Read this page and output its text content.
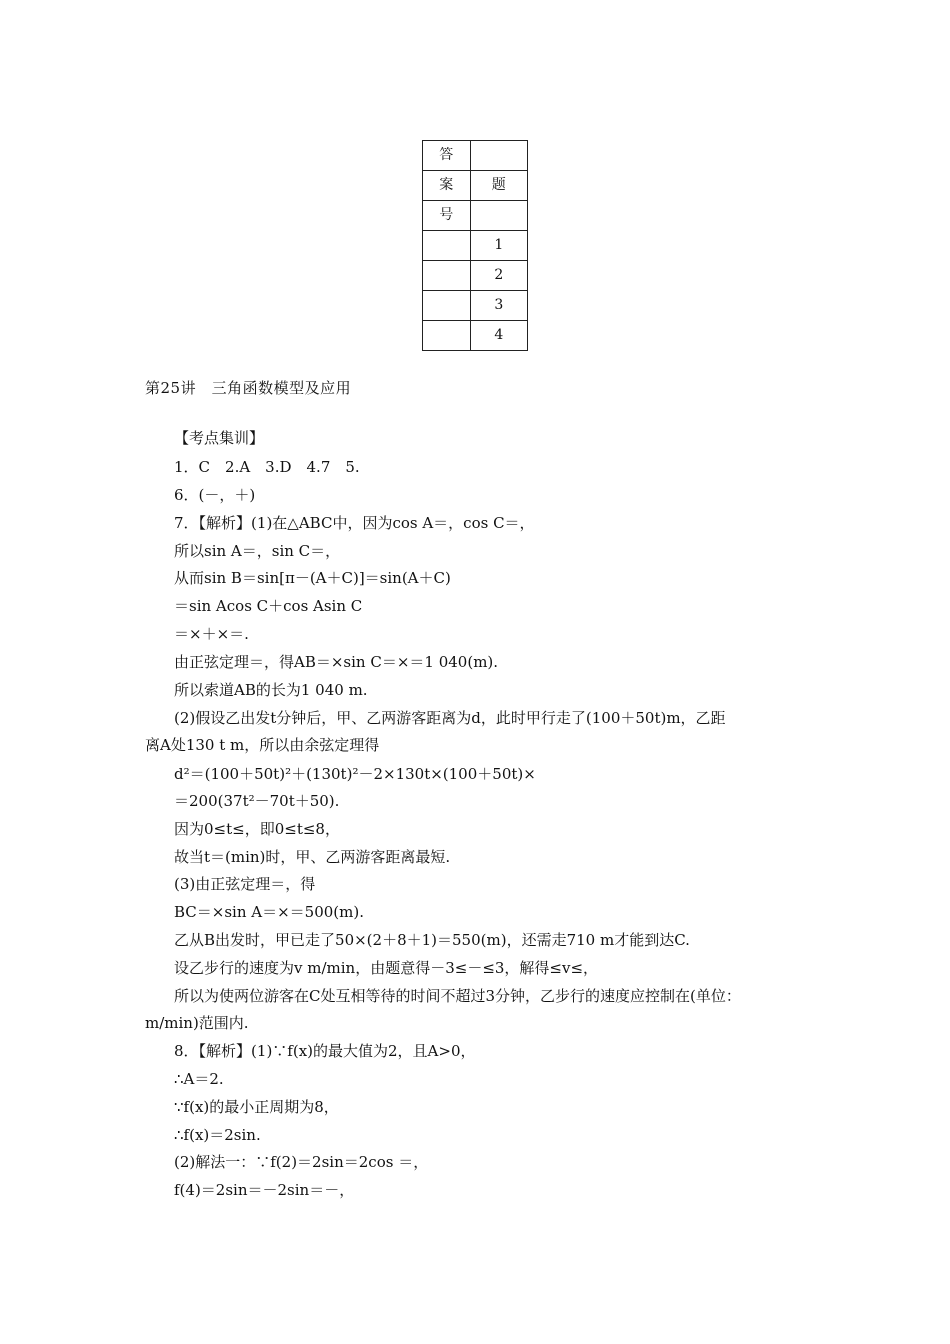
答	
案	题
号	
	1
	2
	3
	4
第25讲　三角函数模型及应用
【考点集训】
1．C　2.A　3.D　4.7　5.
6．(－，＋)
7．【解析】(1)在△ABC中，因为cos A＝，cos C＝，
所以sin A＝，sin C＝，
从而sin B＝sin[π－(A＋C)]＝sin(A＋C)
＝sin Acos C＋cos Asin C
＝×＋×＝.
由正弦定理＝，得AB＝×sin C＝×＝1 040(m).
所以索道AB的长为1 040 m.
(2)假设乙出发t分钟后，甲、乙两游客距离为d，此时甲行走了(100＋50t)m，乙距
离A处130 t m，所以由余弦定理得
d²＝(100＋50t)²＋(130t)²－2×130t×(100＋50t)×
＝200(37t²－70t＋50).
因为0≤t≤，即0≤t≤8，
故当t＝(min)时，甲、乙两游客距离最短.
(3)由正弦定理＝，得
BC＝×sin A＝×＝500(m).
乙从B出发时，甲已走了50×(2＋8＋1)＝550(m)，还需走710 m才能到达C.
设乙步行的速度为v m/min，由题意得－3≤－≤3，解得≤v≤，
所以为使两位游客在C处互相等待的时间不超过3分钟，乙步行的速度应控制在(单位：
m/min)范围内.
8．【解析】(1)∵f(x)的最大值为2，且A>0，
∴A＝2.
∵f(x)的最小正周期为8，
∴f(x)＝2sin.
(2)解法一：∵f(2)＝2sin＝2cos ＝，
f(4)＝2sin＝－2sin＝－，
